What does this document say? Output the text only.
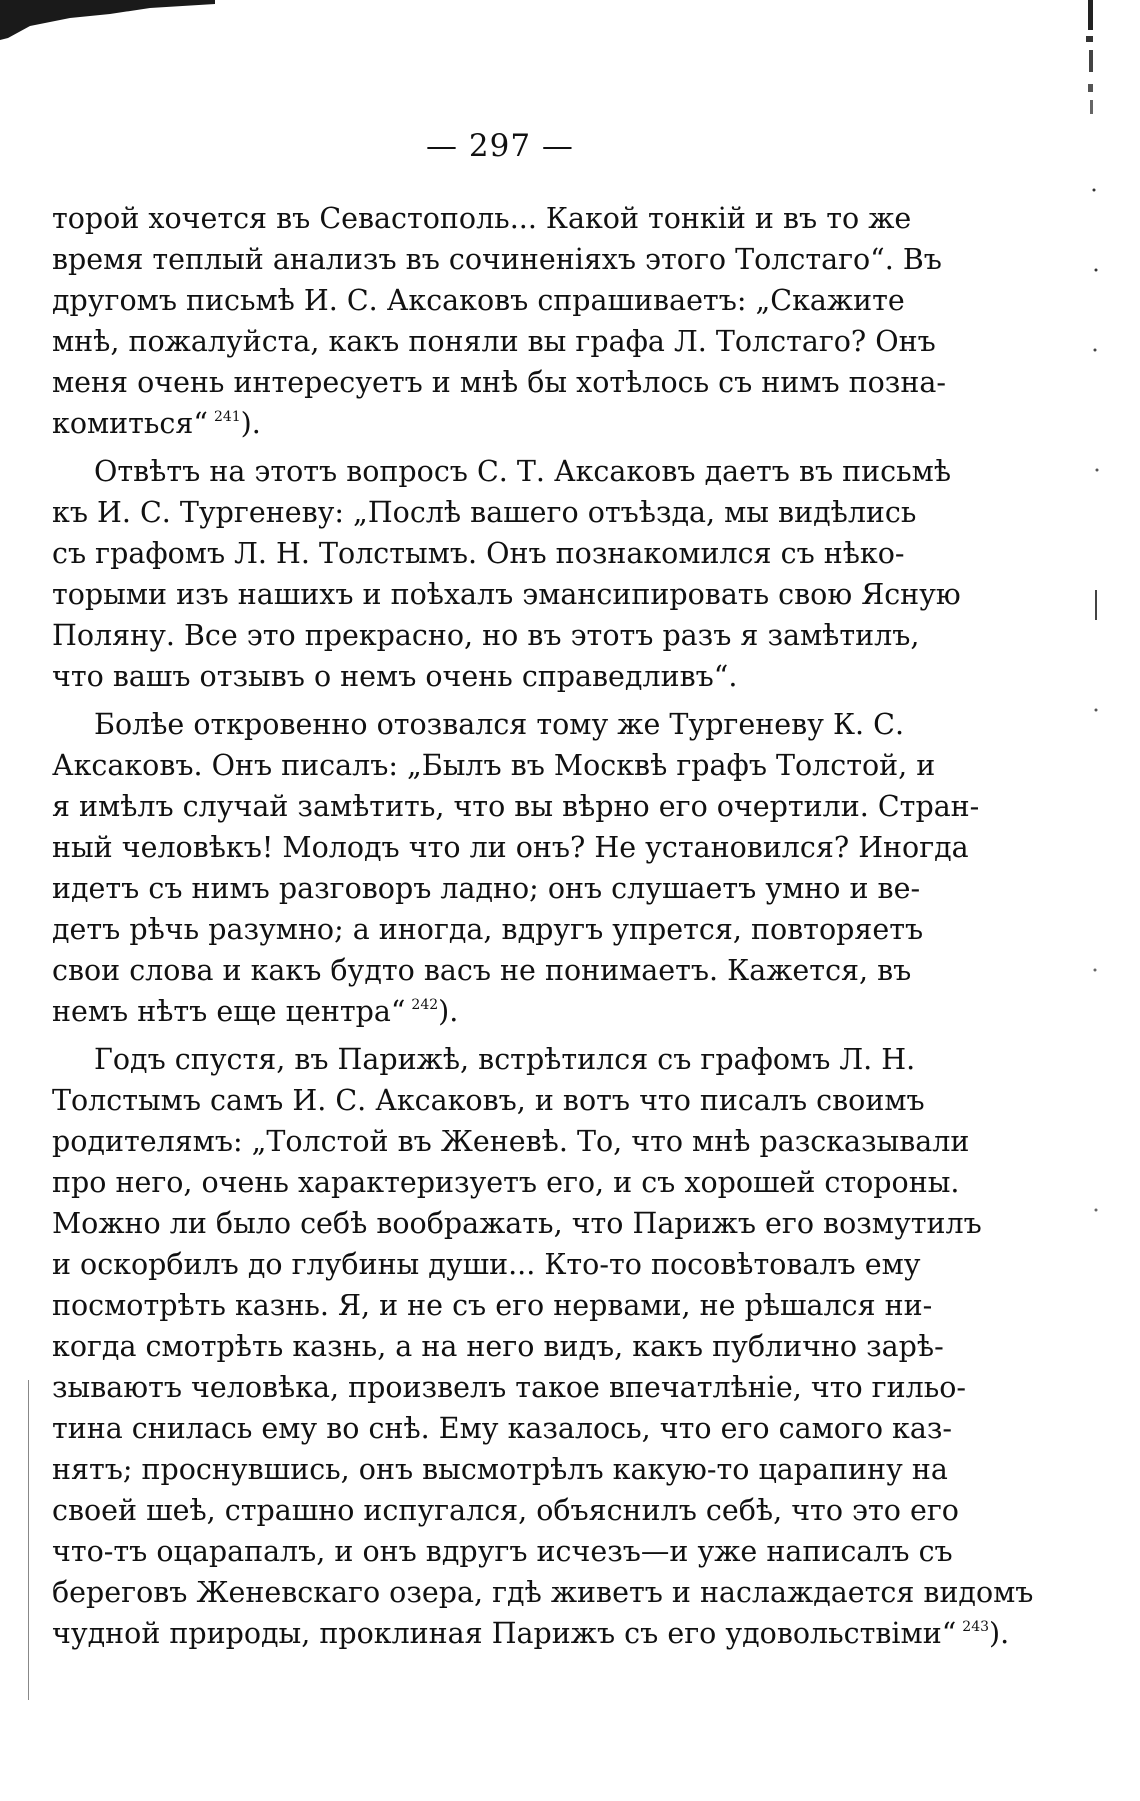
— 297 —
торой хочется въ Севастополь... Какой тонкій и въ то же
время теплый анализъ въ сочиненіяхъ этого Толстаго“. Въ
другомъ письмѣ И. С. Аксаковъ спрашиваетъ: „Скажите
мнѣ, пожалуйста, какъ поняли вы графа Л. Толстаго? Онъ
меня очень интересуетъ и мнѣ бы хотѣлось съ нимъ позна-
комиться“ $^{241}$).
Отвѣтъ на этотъ вопросъ С. Т. Аксаковъ даетъ въ письмѣ
къ И. С. Тургеневу: „Послѣ вашего отъѣзда, мы видѣлись
съ графомъ Л. Н. Толстымъ. Онъ познакомился съ нѣко-
торыми изъ нашихъ и поѣхалъ эмансипировать свою Ясную
Поляну. Все это прекрасно, но въ этотъ разъ я замѣтилъ,
что вашъ отзывъ о немъ очень справедливъ“.
Болѣе откровенно отозвался тому же Тургеневу К. С.
Аксаковъ. Онъ писалъ: „Былъ въ Москвѣ графъ Толстой, и
я имѣлъ случай замѣтить, что вы вѣрно его очертили. Стран-
ный человѣкъ! Молодъ что ли онъ? Не установился? Иногда
идетъ съ нимъ разговоръ ладно; онъ слушаетъ умно и ве-
детъ рѣчь разумно; а иногда, вдругъ упрется, повторяетъ
свои слова и какъ будто васъ не понимаетъ. Кажется, въ
немъ нѣтъ еще центра“ $^{242}$).
Годъ спустя, въ Парижѣ, встрѣтился съ графомъ Л. Н.
Толстымъ самъ И. С. Аксаковъ, и вотъ что писалъ своимъ
родителямъ: „Толстой въ Женевѣ. То, что мнѣ разсказывали
про него, очень характеризуетъ его, и съ хорошей стороны.
Можно ли было себѣ воображать, что Парижъ его возмутилъ
и оскорбилъ до глубины души... Кто-то посовѣтовалъ ему
посмотрѣть казнь. Я, и не съ его нервами, не рѣшался ни-
когда смотрѣть казнь, а на него видъ, какъ публично зарѣ-
зываютъ человѣка, произвелъ такое впечатлѣніе, что гильо-
тина снилась ему во снѣ. Ему казалось, что его самого каз-
нятъ; проснувшись, онъ высмотрѣлъ какую-то царапину на
своей шеѣ, страшно испугался, объяснилъ себѣ, что это его
что-тъ оцарапалъ, и онъ вдругъ исчезъ—и уже написалъ съ
береговъ Женевскаго озера, гдѣ живетъ и наслаждается видомъ
чудной природы, проклиная Парижъ съ его удовольствіми“ $^{243}$).
